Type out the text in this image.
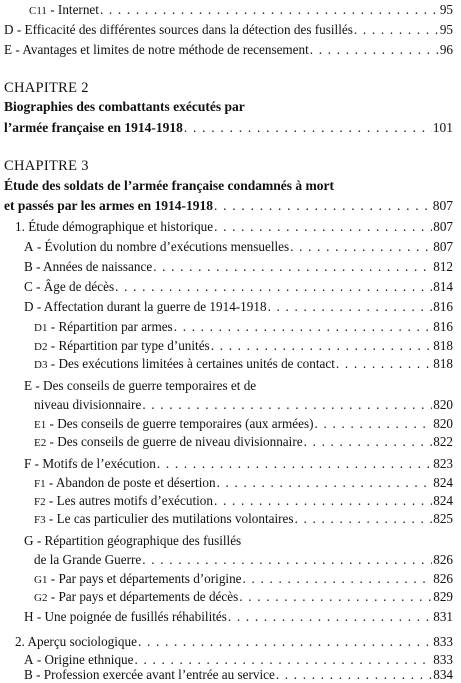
C11 - Internet . . .	95
D - Efficacité des différentes sources dans la détection des fusillés . . .	95
E - Avantages et limites de notre méthode de recensement . . .	96
CHAPITRE 2
Biographies des combattants exécutés par
l’armée française en 1914-1918 . . .	101
CHAPITRE 3
Étude des soldats de l’armée française condamnés à mort
et passés par les armes en 1914-1918 . . .	807
1. Étude démographique et historique . . .	807
A - Évolution du nombre d’exécutions mensuelles . . .	807
B - Années de naissance . . .	812
C - Âge de décès . . .	814
D - Affectation durant la guerre de 1914-1918 . . .	816
D1 - Répartition par armes . . .	816
D2 - Répartition par type d’unités . . .	818
D3 - Des exécutions limitées à certaines unités de contact . . .	818
E - Des conseils de guerre temporaires et de
niveau divisionnaire . . .	820
E1 - Des conseils de guerre temporaires (aux armées) . . .	820
E2 - Des conseils de guerre de niveau divisionnaire . . .	822
F - Motifs de l’exécution . . .	823
F1 - Abandon de poste et désertion . . .	824
F2 - Les autres motifs d’exécution . . .	824
F3 - Le cas particulier des mutilations volontaires . . .	825
G - Répartition géographique des fusillés
de la Grande Guerre . . .	826
G1 - Par pays et départements d’origine . . .	826
G2 - Par pays et départements de décès . . .	829
H - Une poignée de fusillés réhabilités . . .	831
2. Aperçu sociologique . . .	833
A - Origine ethnique . . .	833
B - Profession exercée avant l’entrée au service . . .	834
